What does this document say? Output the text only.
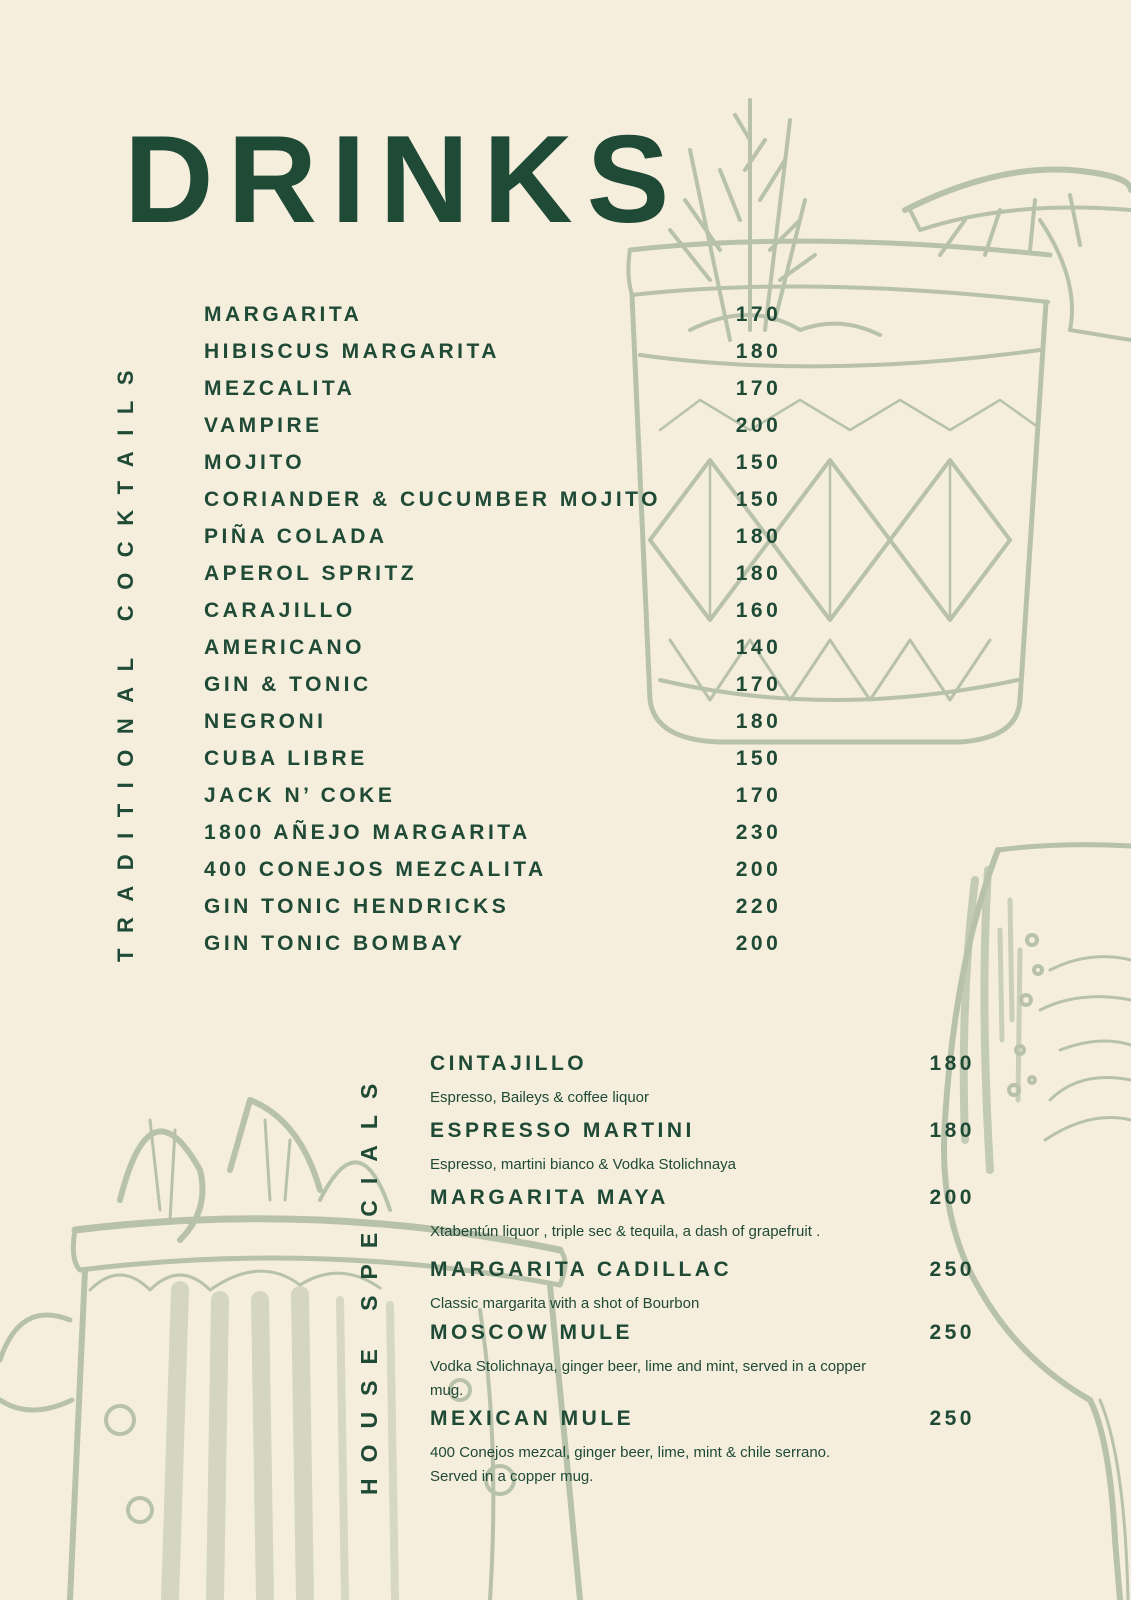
DRINKS
TRADITIONAL COCKTAILS
MARGARITA	170
HIBISCUS MARGARITA	180
MEZCALITA	170
VAMPIRE	200
MOJITO	150
CORIANDER & CUCUMBER MOJITO	150
PIÑA COLADA	180
APEROL SPRITZ	180
CARAJILLO	160
AMERICANO	140
GIN & TONIC	170
NEGRONI	180
CUBA LIBRE	150
JACK N’ COKE	170
1800 AÑEJO MARGARITA	230
400 CONEJOS MEZCALITA	200
GIN TONIC HENDRICKS	220
GIN TONIC BOMBAY	200
HOUSE SPECIALS
CINTAJILLO	180
Espresso, Baileys & coffee liquor
ESPRESSO MARTINI	180
Espresso, martini bianco & Vodka Stolichnaya
MARGARITA MAYA	200
Xtabentún liquor , triple sec & tequila, a dash of grapefruit .
MARGARITA CADILLAC	250
Classic margarita with a shot of Bourbon
MOSCOW MULE	250
Vodka Stolichnaya, ginger beer, lime and mint, served in a copper mug.
MEXICAN MULE	250
400 Conejos mezcal, ginger beer, lime, mint & chile serrano. Served in a copper mug.
